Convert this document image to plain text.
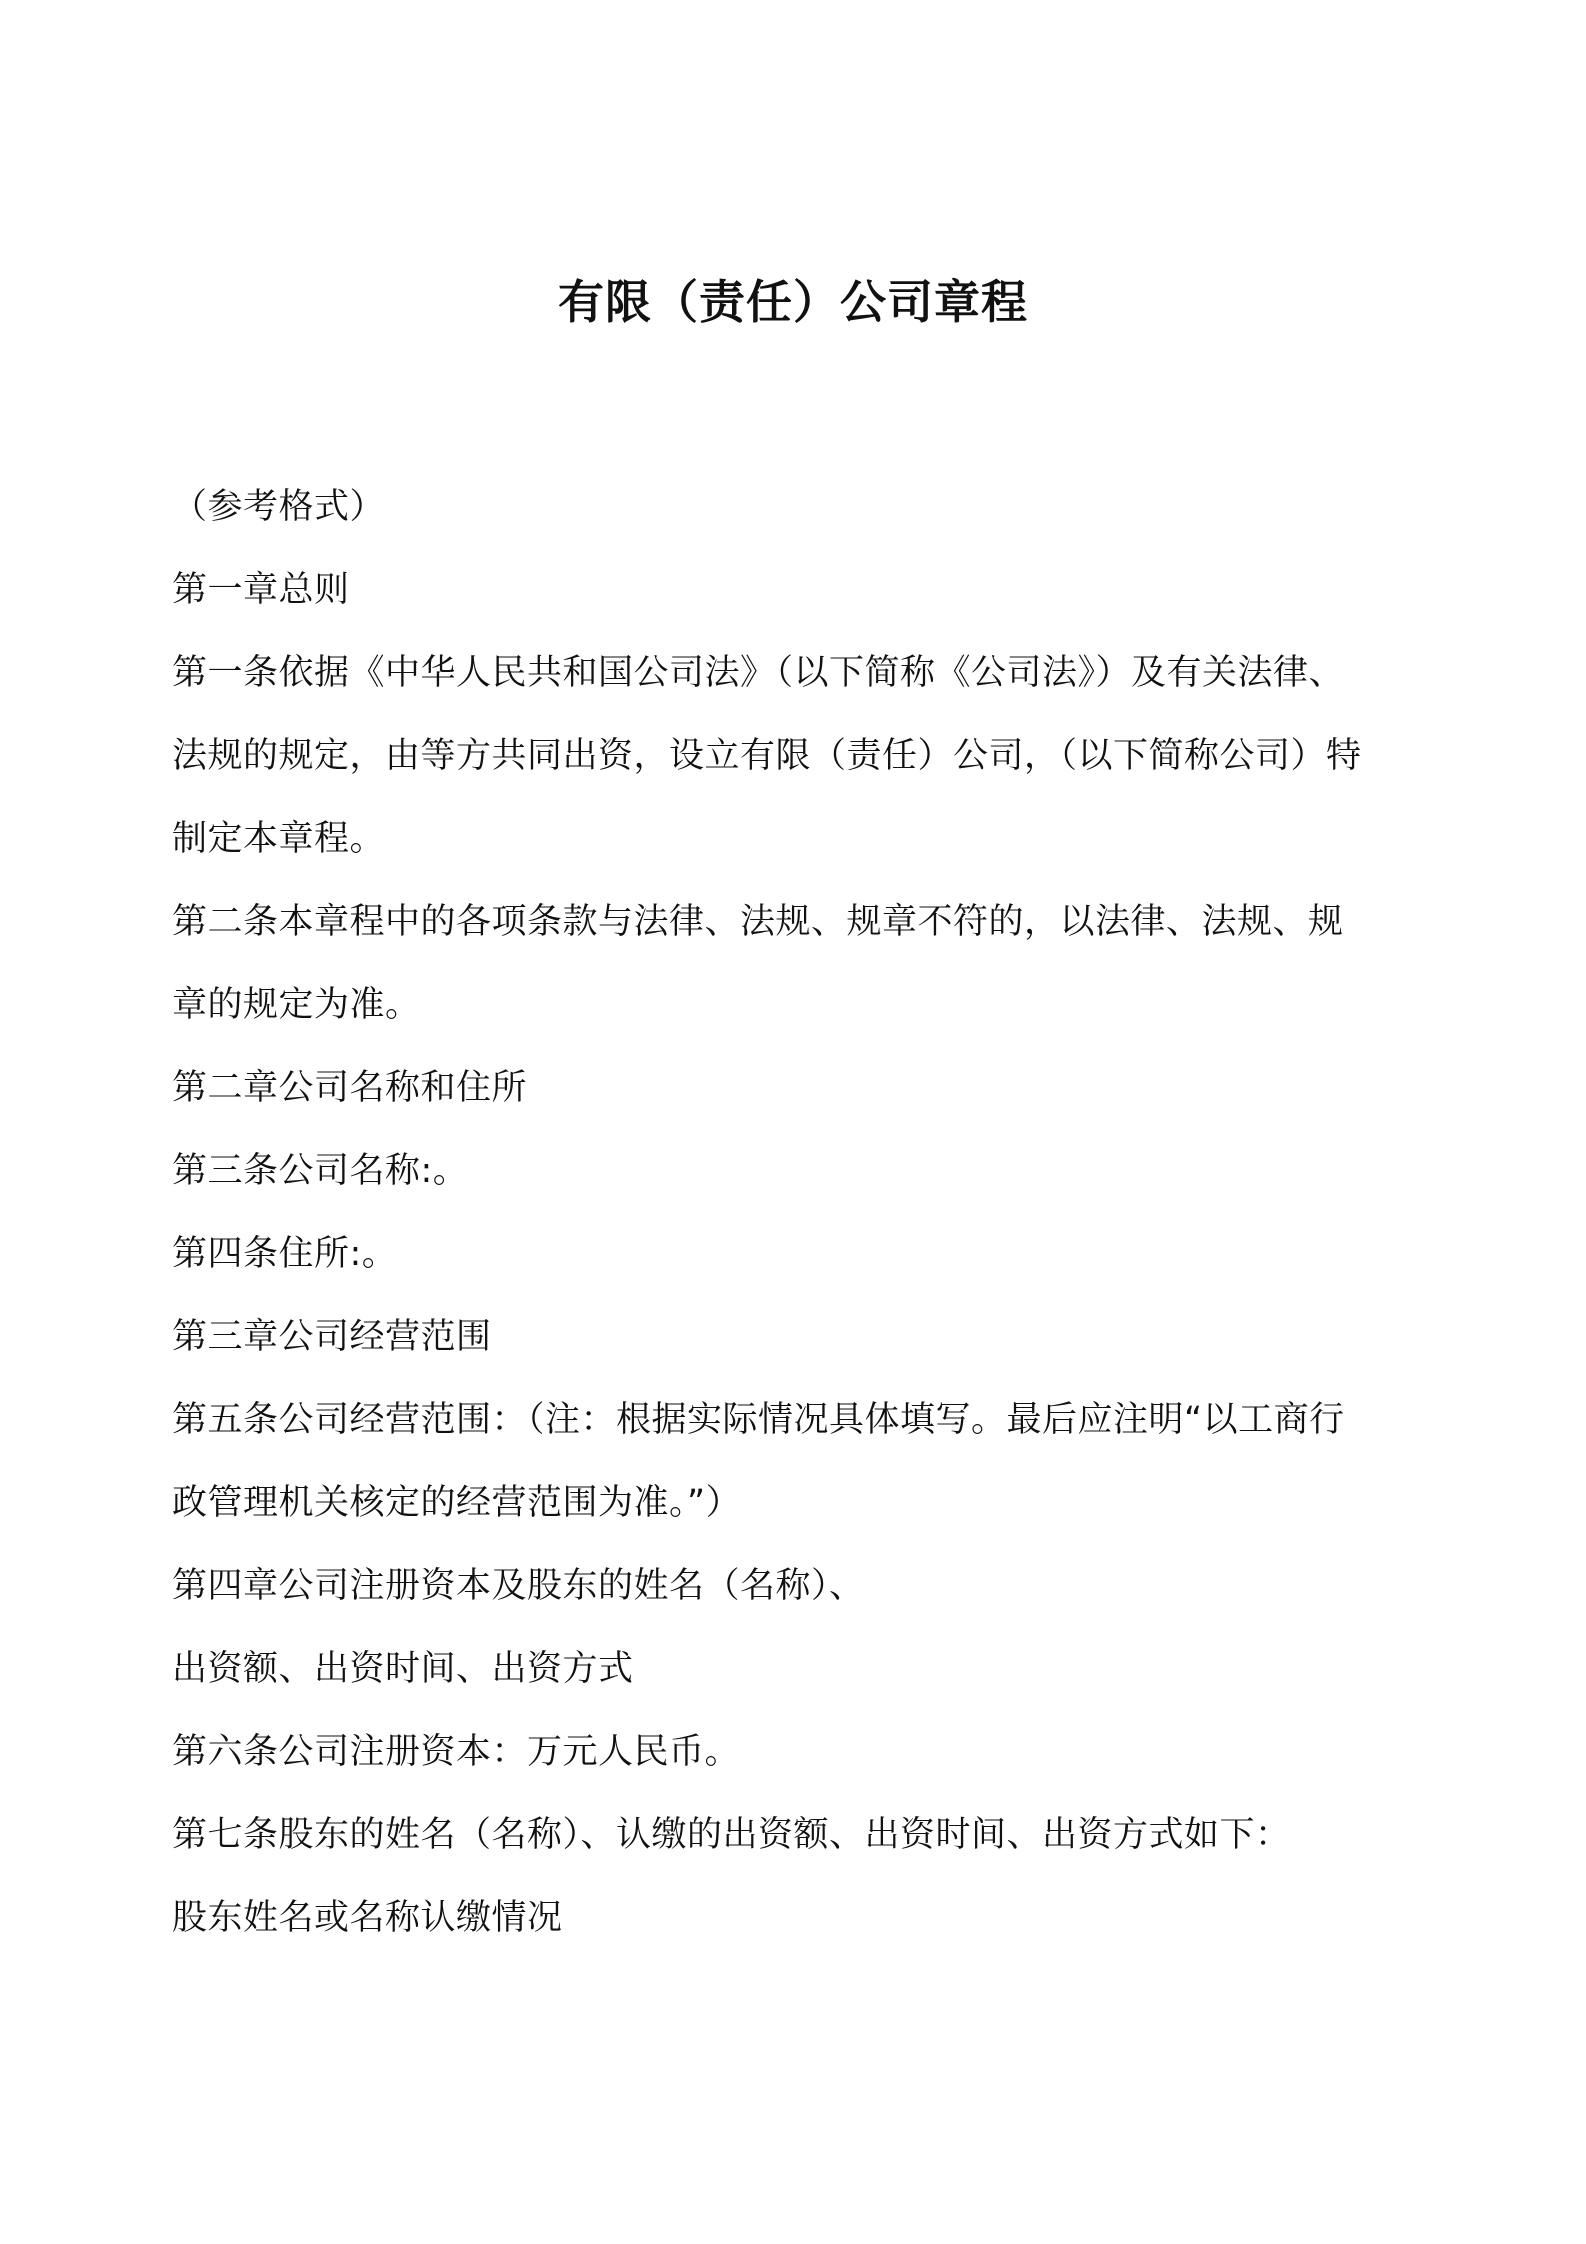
有限（责任）公司章程
（参考格式）
第一章总则
第一条依据《中华人民共和国公司法》（以下简称《公司法》）及有关法律、
法规的规定，由等方共同出资，设立有限（责任）公司，（以下简称公司）特
制定本章程。
第二条本章程中的各项条款与法律、法规、规章不符的，以法律、法规、规
章的规定为准。
第二章公司名称和住所
第三条公司名称:。
第四条住所:。
第三章公司经营范围
第五条公司经营范围：（注：根据实际情况具体填写。最后应注明“以工商行
政管理机关核定的经营范围为准。”）
第四章公司注册资本及股东的姓名（名称）、
出资额、出资时间、出资方式
第六条公司注册资本：万元人民币。
第七条股东的姓名（名称）、认缴的出资额、出资时间、出资方式如下：
股东姓名或名称认缴情况
